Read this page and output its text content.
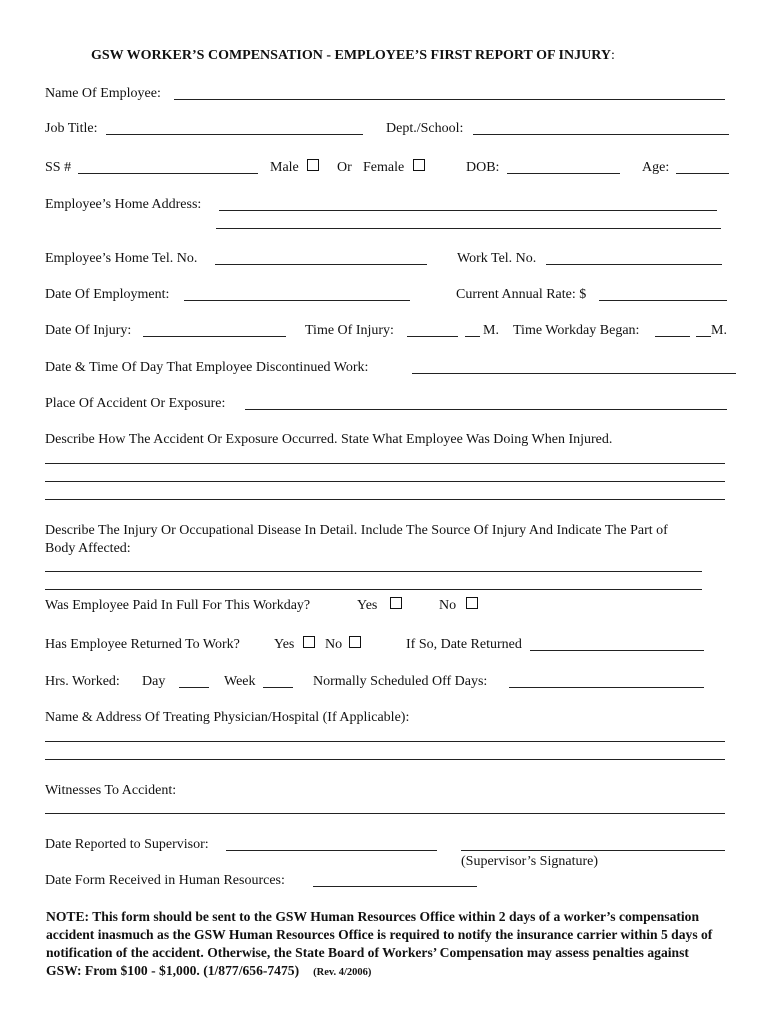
GSW WORKER’S COMPENSATION - EMPLOYEE’S FIRST REPORT OF INJURY:
Name Of Employee:
Job Title:	Dept./School:
SS #	Male	Or Female	DOB:	Age:
Employee’s Home Address:
Employee’s Home Tel. No.	Work Tel. No.
Date Of Employment:	Current Annual Rate: $
Date Of Injury:	Time Of Injury:	M. Time Workday Began:	M.
Date & Time Of Day That Employee Discontinued Work:
Place Of Accident Or Exposure:
Describe How The Accident Or Exposure Occurred. State What Employee Was Doing When Injured.
Describe The Injury Or Occupational Disease In Detail. Include The Source Of Injury And Indicate The Part of
Body Affected:
Was Employee Paid In Full For This Workday?	Yes	No
Has Employee Returned To Work? Yes No	If So, Date Returned
Hrs. Worked: Day	Week	Normally Scheduled Off Days:
Name & Address Of Treating Physician/Hospital (If Applicable):
Witnesses To Accident:
Date Reported to Supervisor:
(Supervisor’s Signature)
Date Form Received in Human Resources:
NOTE: This form should be sent to the GSW Human Resources Office within 2 days of a worker’s compensation accident inasmuch as the GSW Human Resources Office is required to notify the insurance carrier within 5 days of notification of the accident. Otherwise, the State Board of Workers’ Compensation may assess penalties against GSW: From $100 - $1,000. (1/877/656-7475) (Rev. 4/2006)
